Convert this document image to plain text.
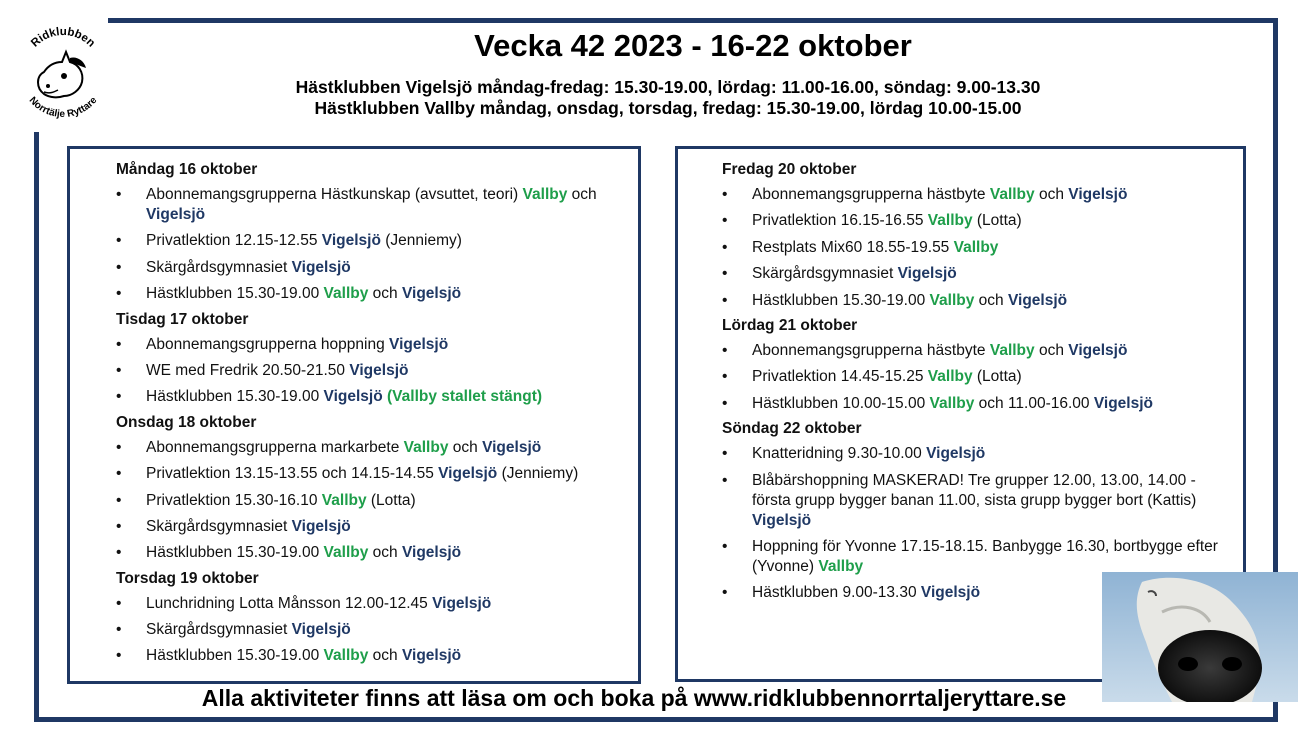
Ridklubben
Norrtälje Ryttare
Vecka 42 2023 - 16-22 oktober
Hästklubben Vigelsjö måndag-fredag: 15.30-19.00, lördag: 11.00-16.00, söndag: 9.00-13.30
Hästklubben Vallby måndag, onsdag, torsdag, fredag: 15.30-19.00, lördag 10.00-15.00
Måndag 16 oktober
•	Abonnemangsgrupperna Hästkunskap (avsuttet, teori) Vallby och Vigelsjö
•	Privatlektion 12.15-12.55 Vigelsjö (Jenniemy)
•	Skärgårdsgymnasiet Vigelsjö
•	Hästklubben 15.30-19.00 Vallby och Vigelsjö
Tisdag 17 oktober
•	Abonnemangsgrupperna hoppning Vigelsjö
•	WE med Fredrik 20.50-21.50 Vigelsjö
•	Hästklubben 15.30-19.00 Vigelsjö (Vallby stallet stängt)
Onsdag 18 oktober
•	Abonnemangsgrupperna markarbete Vallby och Vigelsjö
•	Privatlektion 13.15-13.55 och 14.15-14.55 Vigelsjö (Jenniemy)
•	Privatlektion 15.30-16.10 Vallby (Lotta)
•	Skärgårdsgymnasiet Vigelsjö
•	Hästklubben 15.30-19.00 Vallby och Vigelsjö
Torsdag 19 oktober
•	Lunchridning Lotta Månsson 12.00-12.45 Vigelsjö
•	Skärgårdsgymnasiet Vigelsjö
•	Hästklubben 15.30-19.00 Vallby och Vigelsjö
Fredag 20 oktober
•	Abonnemangsgrupperna hästbyte Vallby och Vigelsjö
•	Privatlektion 16.15-16.55 Vallby (Lotta)
•	Restplats Mix60 18.55-19.55 Vallby
•	Skärgårdsgymnasiet Vigelsjö
•	Hästklubben 15.30-19.00 Vallby och Vigelsjö
Lördag 21 oktober
•	Abonnemangsgrupperna hästbyte Vallby och Vigelsjö
•	Privatlektion 14.45-15.25 Vallby (Lotta)
•	Hästklubben 10.00-15.00 Vallby och 11.00-16.00 Vigelsjö
Söndag 22 oktober
•	Knatteridning 9.30-10.00 Vigelsjö
•	Blåbärshoppning MASKERAD! Tre grupper 12.00, 13.00, 14.00 - första grupp bygger banan 11.00, sista grupp bygger bort (Kattis) Vigelsjö
•	Hoppning för Yvonne 17.15-18.15. Banbygge 16.30, bortbygge efter (Yvonne) Vallby
•	Hästklubben 9.00-13.30 Vigelsjö
Alla aktiviteter finns att läsa om och boka på www.ridklubbennorrtaljeryttare.se
